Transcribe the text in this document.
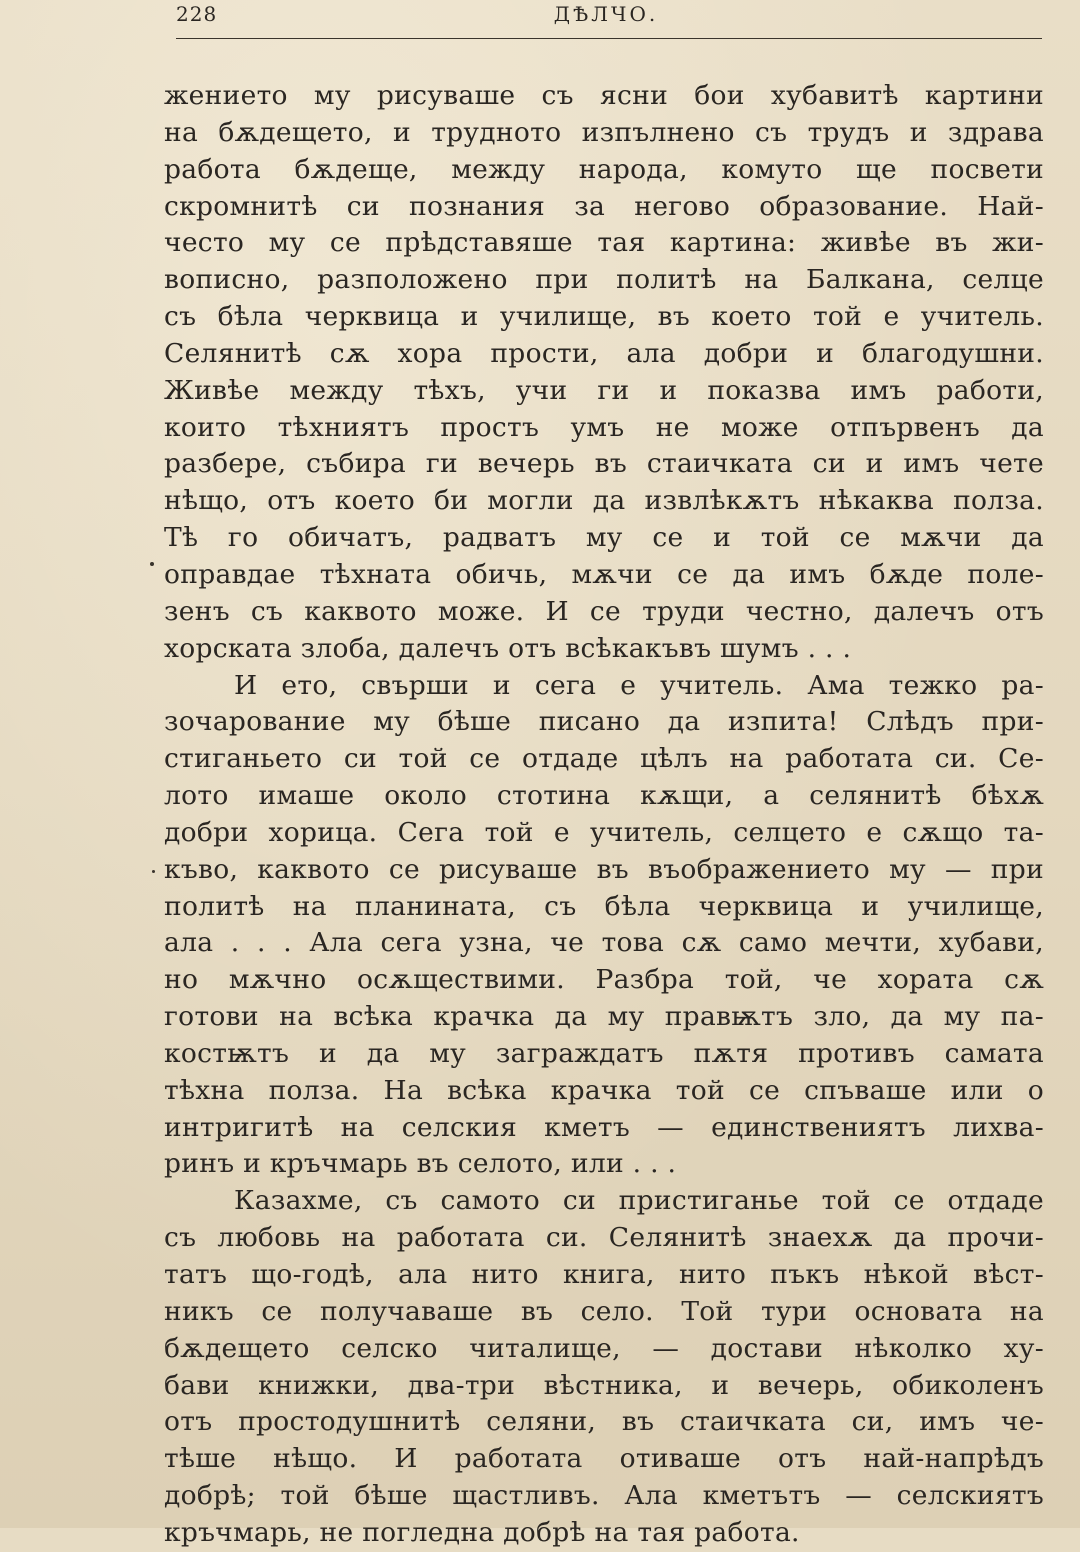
228	ДѢЛЧО.
жението му рисуваше съ ясни бои хубавитѣ картини
на бѫдещето, и трудното изпълнено съ трудъ и здрава
работа бѫдеще, между народа, комуто ще посвети
скромнитѣ си познания за негово образование. Най-
често му се прѣдставяше тая картина: живѣе въ жи-
вописно, разположено при политѣ на Балкана, селце
съ бѣла черквица и училище, въ което той е учитель.
Селянитѣ сѫ хора прости, ала добри и благодушни.
Живѣе между тѣхъ, учи ги и показва имъ работи,
които тѣхниятъ простъ умъ не може отпървенъ да
разбере, събира ги вечерь въ стаичката си и имъ чете
нѣщо, отъ което би могли да извлѣкѫтъ нѣкаква полза.
Тѣ го обичатъ, радватъ му се и той се мѫчи да
оправдае тѣхната обичь, мѫчи се да имъ бѫде поле-
зенъ съ каквото може. И се труди честно, далечъ отъ
хорската злоба, далечъ отъ всѣкакъвъ шумъ . . .
И ето, свърши и сега е учитель. Ама тежко ра-
зочарование му бѣше писано да изпита! Слѣдъ при-
стиганьето си той се отдаде цѣлъ на работата си. Се-
лото имаше около стотина кѫщи, а селянитѣ бѣхѫ
добри хорица. Сега той е учитель, селцето е сѫщо та-
къво, каквото се рисуваше въ въображението му — при
политѣ на планината, съ бѣла черквица и училище,
ала . . . Ала сега узна, че това сѫ само мечти, хубави,
но мѫчно осѫществими. Разбра той, че хората сѫ
готови на всѣка крачка да му правѭтъ зло, да му па-
костѭтъ и да му заграждатъ пѫтя противъ самата
тѣхна полза. На всѣка крачка той се спъваше или о
интригитѣ на селския кметъ — единствениятъ лихва-
ринъ и кръчмарь въ селото, или . . .
Казахме, съ самото си пристиганье той се отдаде
съ любовь на работата си. Селянитѣ знаехѫ да прочи-
татъ що-годѣ, ала нито книга, нито пъкъ нѣкой вѣст-
никъ се получаваше въ село. Той тури основата на
бѫдещето селско читалище, — достави нѣколко ху-
бави книжки, два-три вѣстника, и вечерь, обиколенъ
отъ простодушнитѣ селяни, въ стаичката си, имъ че-
тѣше нѣщо. И работата отиваше отъ най-напрѣдъ
добрѣ; той бѣше щастливъ. Ала кметътъ — селскиятъ
кръчмарь, не погледна добрѣ на тая работа.
